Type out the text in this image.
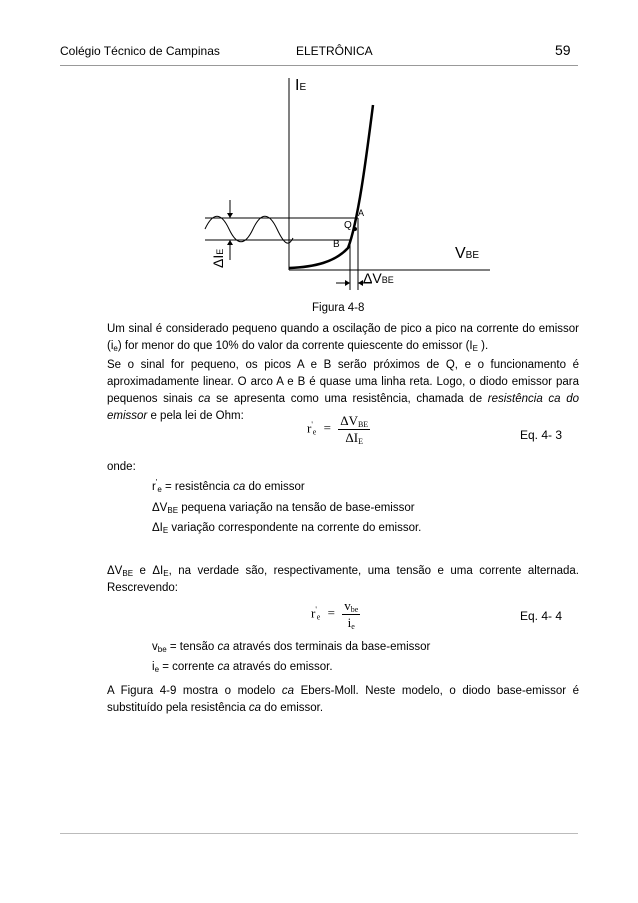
Colégio Técnico de Campinas	ELETRÔNICA	59
IE
VBE
A
Q
B
ΔIE
ΔVBE
Figura 4-8
Um sinal é considerado pequeno quando a oscilação de pico a pico na corrente do emissor $(i_e)$ for menor do que 10% do valor da corrente quiescente do emissor ($I_E$ ).
Se o sinal for pequeno, os picos A e B serão próximos de Q, e o funcionamento é aproximadamente linear. O arco A e B é quase uma linha reta. Logo, o diodo emissor para pequenos sinais ca se apresenta como uma resistência, chamada de resistência ca do emissor e pela lei de Ohm:
$r'_e = \frac{\Delta V_{BE}}{\Delta I_E}$	Eq. 4- 3
onde:
$r'_e$ = resistência ca do emissor
$\Delta V_{BE}$ pequena variação na tensão de base-emissor
$\Delta I_E$ variação correspondente na corrente do emissor.
$\Delta V_{BE}$ e $\Delta I_E$, na verdade são, respectivamente, uma tensão e uma corrente alternada. Rescrevendo:
$r'_e = \frac{v_{be}}{i_e}$	Eq. 4- 4
$v_{be}$ = tensão ca através dos terminais da base-emissor
$i_e$ = corrente ca através do emissor.
A Figura 4-9 mostra o modelo ca Ebers-Moll. Neste modelo, o diodo base-emissor é substituído pela resistência ca do emissor.
